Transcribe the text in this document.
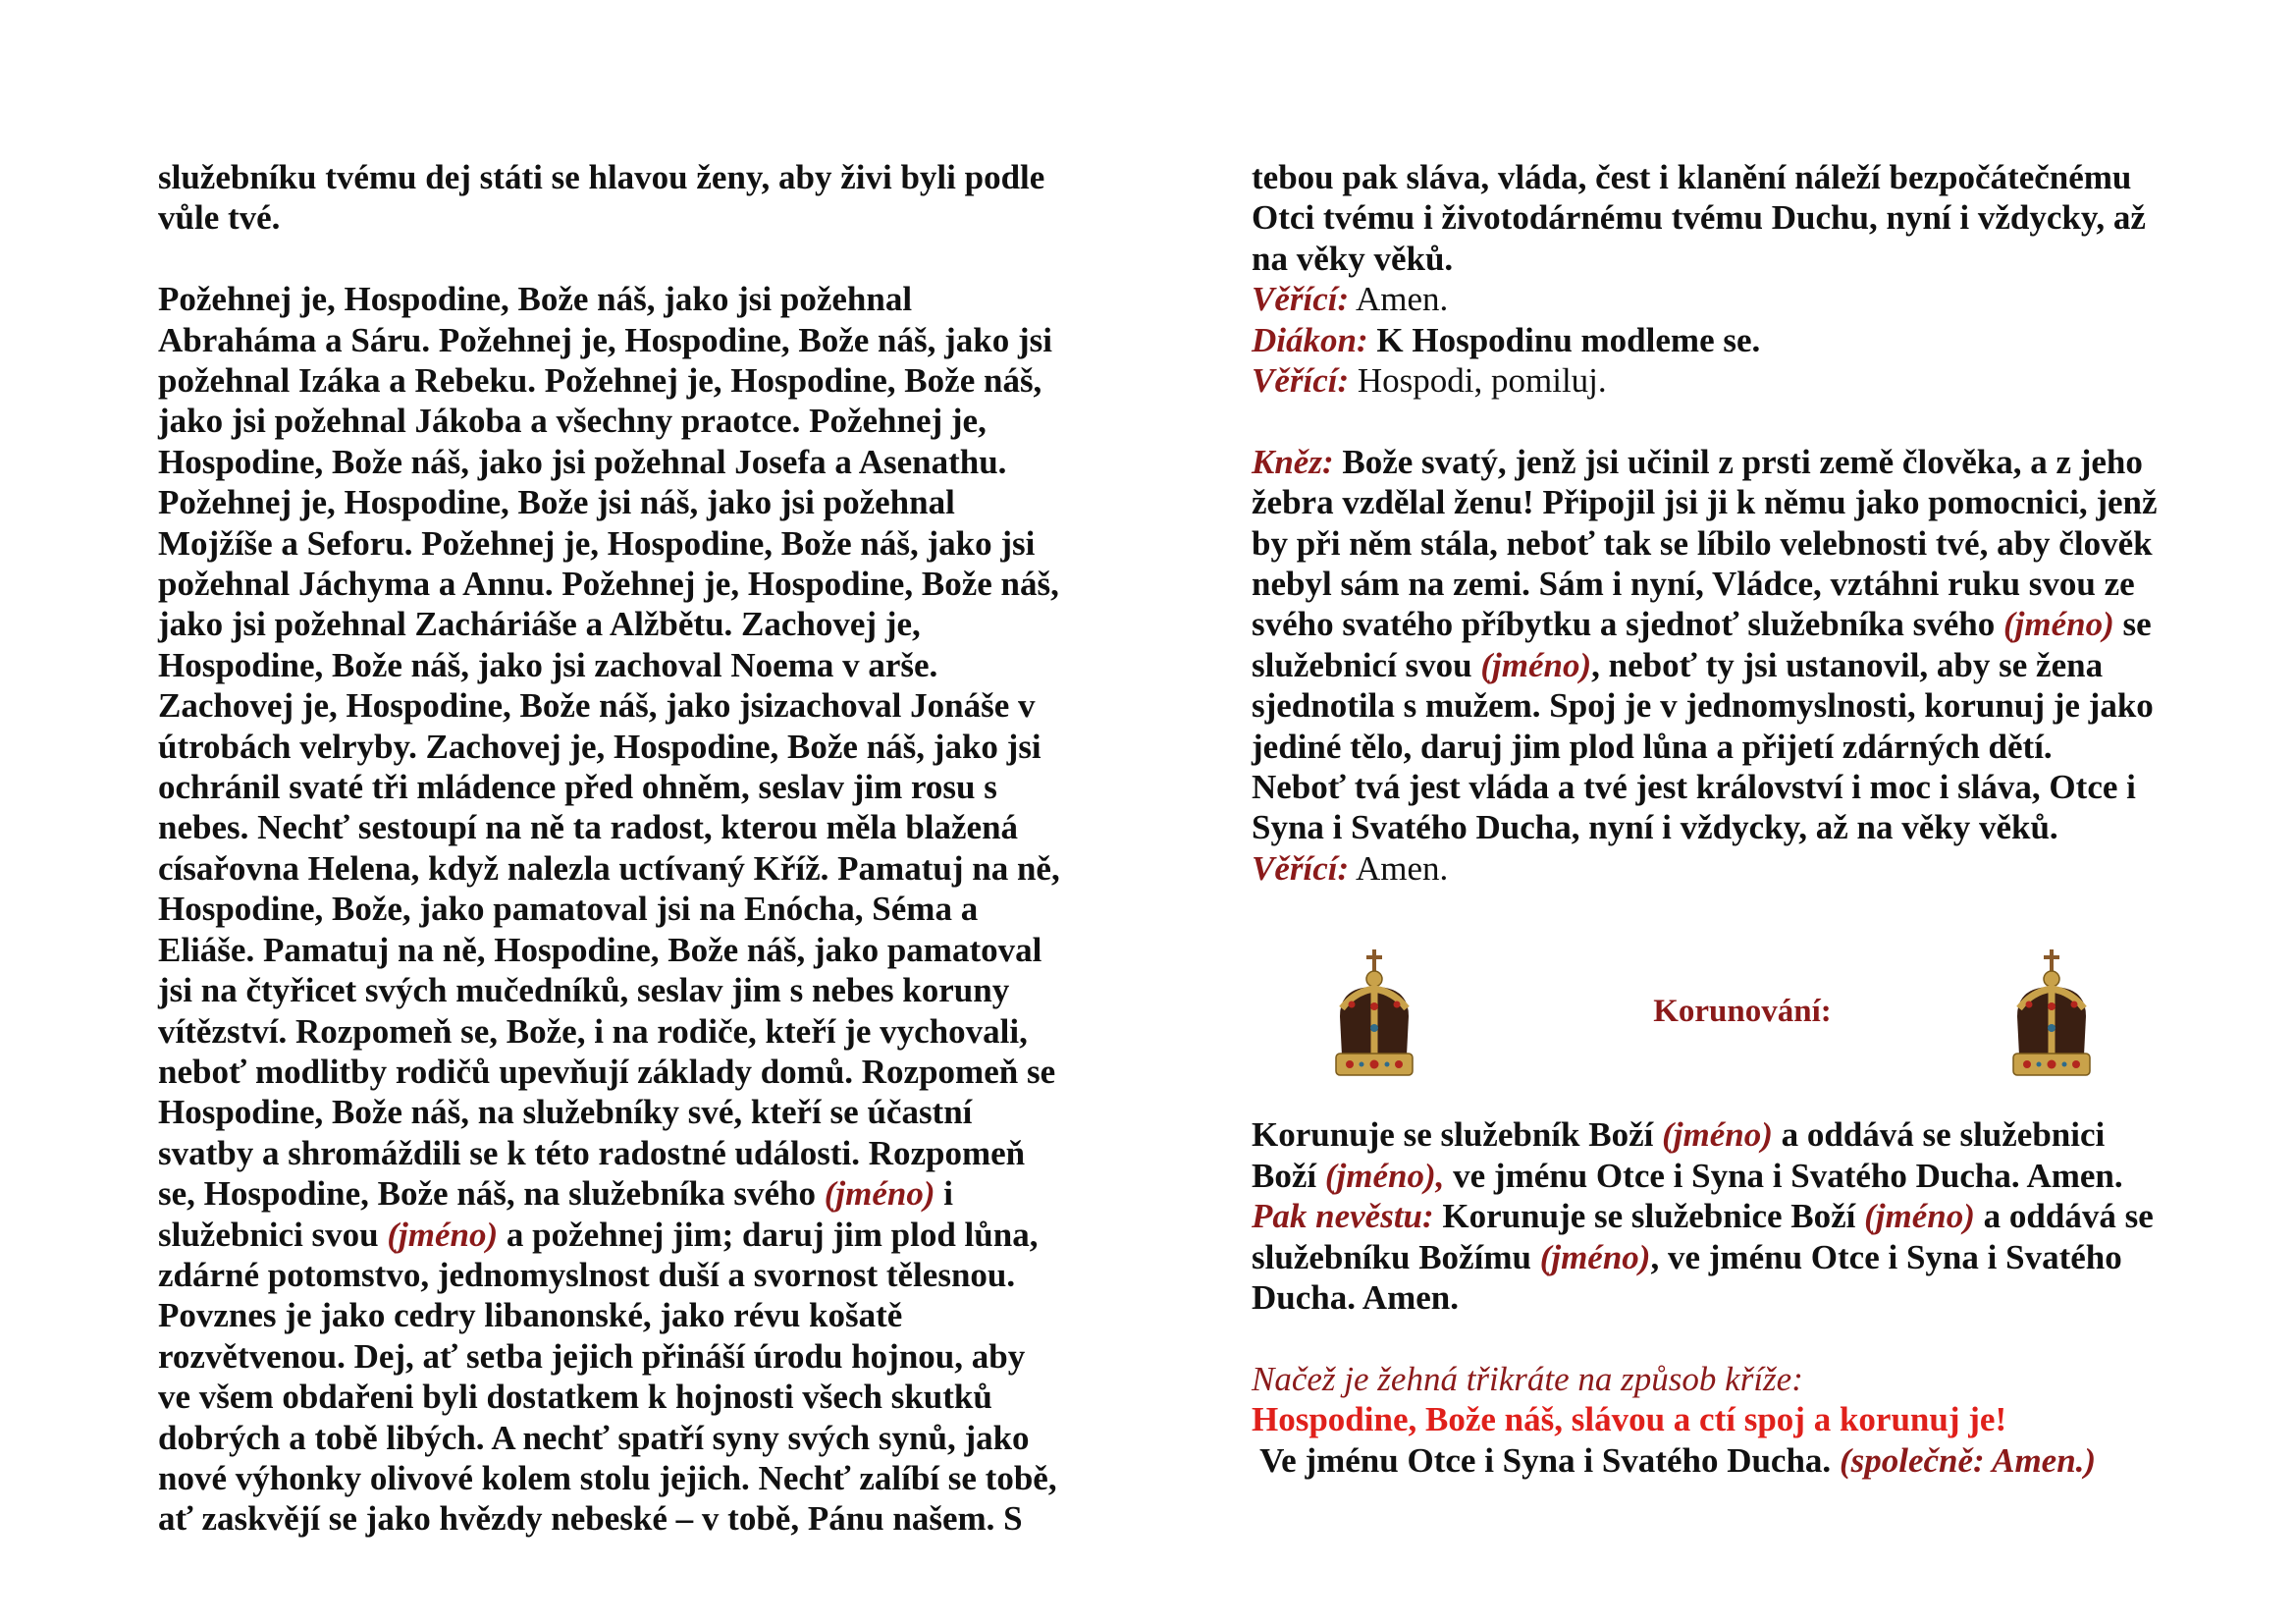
služebníku tvému dej státi se hlavou ženy, aby živi byli podle
vůle tvé.
Požehnej je, Hospodine, Bože náš, jako jsi požehnal
Abraháma a Sáru. Požehnej je, Hospodine, Bože náš, jako jsi
požehnal Izáka a Rebeku. Požehnej je, Hospodine, Bože náš,
jako jsi požehnal Jákoba a všechny praotce. Požehnej je,
Hospodine, Bože náš, jako jsi požehnal Josefa a Asenathu.
Požehnej je, Hospodine, Bože jsi náš, jako jsi požehnal
Mojžíše a Seforu. Požehnej je, Hospodine, Bože náš, jako jsi
požehnal Jáchyma a Annu. Požehnej je, Hospodine, Bože náš,
jako jsi požehnal Zacháriáše a Alžbětu. Zachovej je,
Hospodine, Bože náš, jako jsi zachoval Noema v arše.
Zachovej je, Hospodine, Bože náš, jako jsizachoval Jonáše v
útrobách velryby. Zachovej je, Hospodine, Bože náš, jako jsi
ochránil svaté tři mládence před ohněm, seslav jim rosu s
nebes. Nechť sestoupí na ně ta radost, kterou měla blažená
císařovna Helena, když nalezla uctívaný Kříž. Pamatuj na ně,
Hospodine, Bože, jako pamatoval jsi na Enócha, Séma a
Eliáše. Pamatuj na ně, Hospodine, Bože náš, jako pamatoval
jsi na čtyřicet svých mučedníků, seslav jim s nebes koruny
vítězství. Rozpomeň se, Bože, i na rodiče, kteří je vychovali,
neboť modlitby rodičů upevňují základy domů. Rozpomeň se
Hospodine, Bože náš, na služebníky své, kteří se účastní
svatby a shromáždili se k této radostné události. Rozpomeň
se, Hospodine, Bože náš, na služebníka svého (jméno) i
služebnici svou (jméno) a požehnej jim; daruj jim plod lůna,
zdárné potomstvo, jednomyslnost duší a svornost tělesnou.
Povznes je jako cedry libanonské, jako révu košatě
rozvětvenou. Dej, ať setba jejich přináší úrodu hojnou, aby
ve všem obdařeni byli dostatkem k hojnosti všech skutků
dobrých a tobě libých. A nechť spatří syny svých synů, jako
nové výhonky olivové kolem stolu jejich. Nechť zalíbí se tobě,
ať zaskvějí se jako hvězdy nebeské – v tobě, Pánu našem. S
tebou pak sláva, vláda, čest i klanění náleží bezpočátečnému
Otci tvému i životodárnému tvému Duchu, nyní i vždycky, až
na věky věků.
Věřící: Amen.
Diákon: K Hospodinu modleme se.
Věřící: Hospodi, pomiluj.
Kněz: Bože svatý, jenž jsi učinil z prsti země člověka, a z jeho
žebra vzdělal ženu! Připojil jsi ji k němu jako pomocnici, jenž
by při něm stála, neboť tak se líbilo velebnosti tvé, aby člověk
nebyl sám na zemi. Sám i nyní, Vládce, vztáhni ruku svou ze
svého svatého příbytku a sjednoť služebníka svého (jméno) se
služebnicí svou (jméno), neboť ty jsi ustanovil, aby se žena
sjednotila s mužem. Spoj je v jednomyslnosti, korunuj je jako
jediné tělo, daruj jim plod lůna a přijetí zdárných dětí.
Neboť tvá jest vláda a tvé jest království i moc i sláva, Otce i
Syna i Svatého Ducha, nyní i vždycky, až na věky věků.
Věřící: Amen.
Korunování:
Korunuje se služebník Boží (jméno) a oddává se služebnici
Boží (jméno), ve jménu Otce i Syna i Svatého Ducha. Amen.
Pak nevěstu: Korunuje se služebnice Boží (jméno) a oddává se
služebníku Božímu (jméno), ve jménu Otce i Syna i Svatého
Ducha. Amen.
Načež je žehná třikráte na způsob kříže:
Hospodine, Bože náš, slávou a ctí spoj a korunuj je!
Ve jménu Otce i Syna i Svatého Ducha. (společně: Amen.)
